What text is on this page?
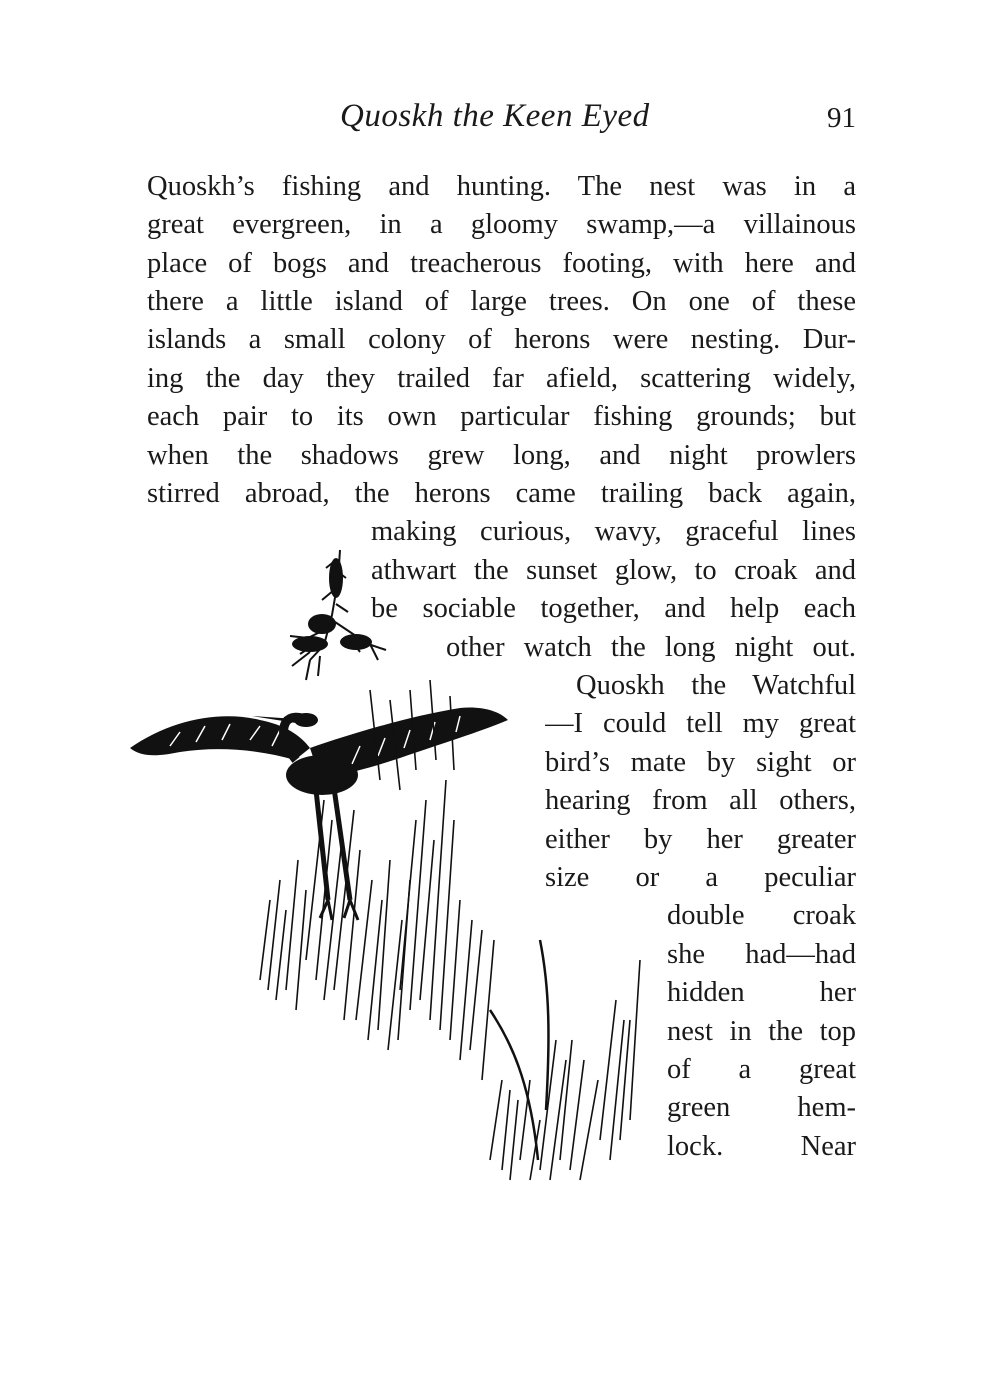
Quoskh the Keen Eyed	91
Quoskh’s fishing and hunting. The nest was in a
great evergreen, in a gloomy swamp,—a villainous
place of bogs and treacherous footing, with here and
there a little island of large trees. On one of these
islands a small colony of herons were nesting. Dur-
ing the day they trailed far afield, scattering widely,
each pair to its own particular fishing grounds; but
when the shadows grew long, and night prowlers
stirred abroad, the herons came trailing back again,
making curious, wavy, graceful lines
athwart the sunset glow, to croak and
be sociable together, and help each
other watch the long night out.
Quoskh the Watchful
—I could tell my great
bird’s mate by sight or
hearing from all others,
either by her greater
size or a peculiar
double croak
she had—had
hidden her
nest in the top
of a great
green hem-
lock. Near
